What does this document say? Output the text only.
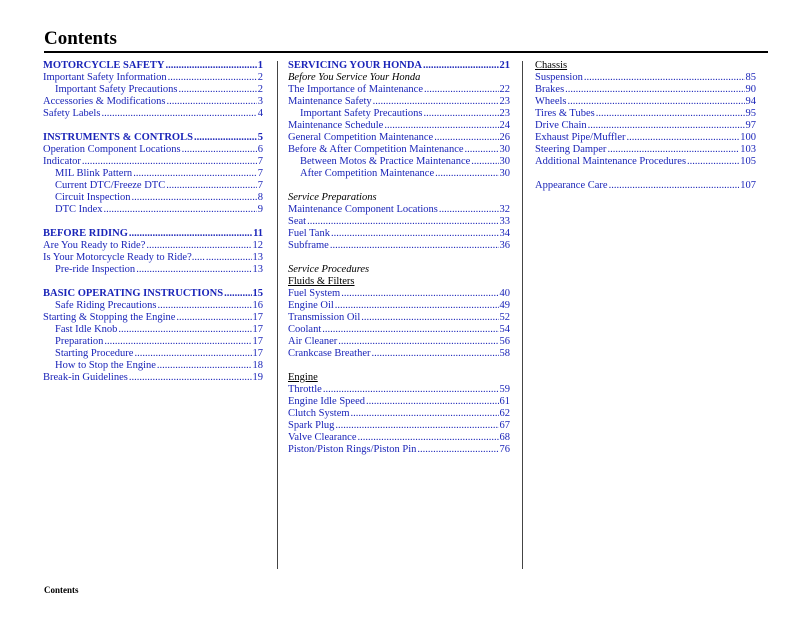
Contents
MOTORCYCLE SAFETY .....	1
Important Safety Information .....	2
Important Safety Precautions .....	2
Accessories & Modifications .....	3
Safety Labels .....	4
INSTRUMENTS & CONTROLS .....	5
Operation Component Locations .....	6
Indicator .....	7
MIL Blink Pattern .....	7
Current DTC/Freeze DTC .....	7
Circuit Inspection .....	8
DTC Index .....	9
BEFORE RIDING .....	11
Are You Ready to Ride? .....	12
Is Your Motorcycle Ready to Ride?..... .....	13
Pre-ride Inspection .....	13
BASIC OPERATING INSTRUCTIONS .....	15
Safe Riding Precautions .....	16
Starting & Stopping the Engine .....	17
Fast Idle Knob .....	17
Preparation .....	17
Starting Procedure .....	17
How to Stop the Engine .....	18
Break-in Guidelines .....	19
SERVICING YOUR HONDA .....	21
Before You Service Your Honda
The Importance of Maintenance .....	22
Maintenance Safety .....	23
Important Safety Precautions .....	23
Maintenance Schedule .....	24
General Competition Maintenance .....	26
Before & After Competition Maintenance .....	30
Between Motos & Practice Maintenance .....	30
After Competition Maintenance .....	30
Service Preparations
Maintenance Component Locations .....	32
Seat .....	33
Fuel Tank .....	34
Subframe .....	36
Service Procedures
Fluids & Filters
Fuel System .....	40
Engine Oil .....	49
Transmission Oil .....	52
Coolant .....	54
Air Cleaner .....	56
Crankcase Breather .....	58
Engine
Throttle .....	59
Engine Idle Speed .....	61
Clutch System .....	62
Spark Plug .....	67
Valve Clearance .....	68
Piston/Piston Rings/Piston Pin .....	76
Chassis
Suspension .....	85
Brakes .....	90
Wheels .....	94
Tires & Tubes .....	95
Drive Chain .....	97
Exhaust Pipe/Muffler .....	100
Steering Damper .....	103
Additional Maintenance Procedures .....	105
Appearance Care .....	107
Contents
